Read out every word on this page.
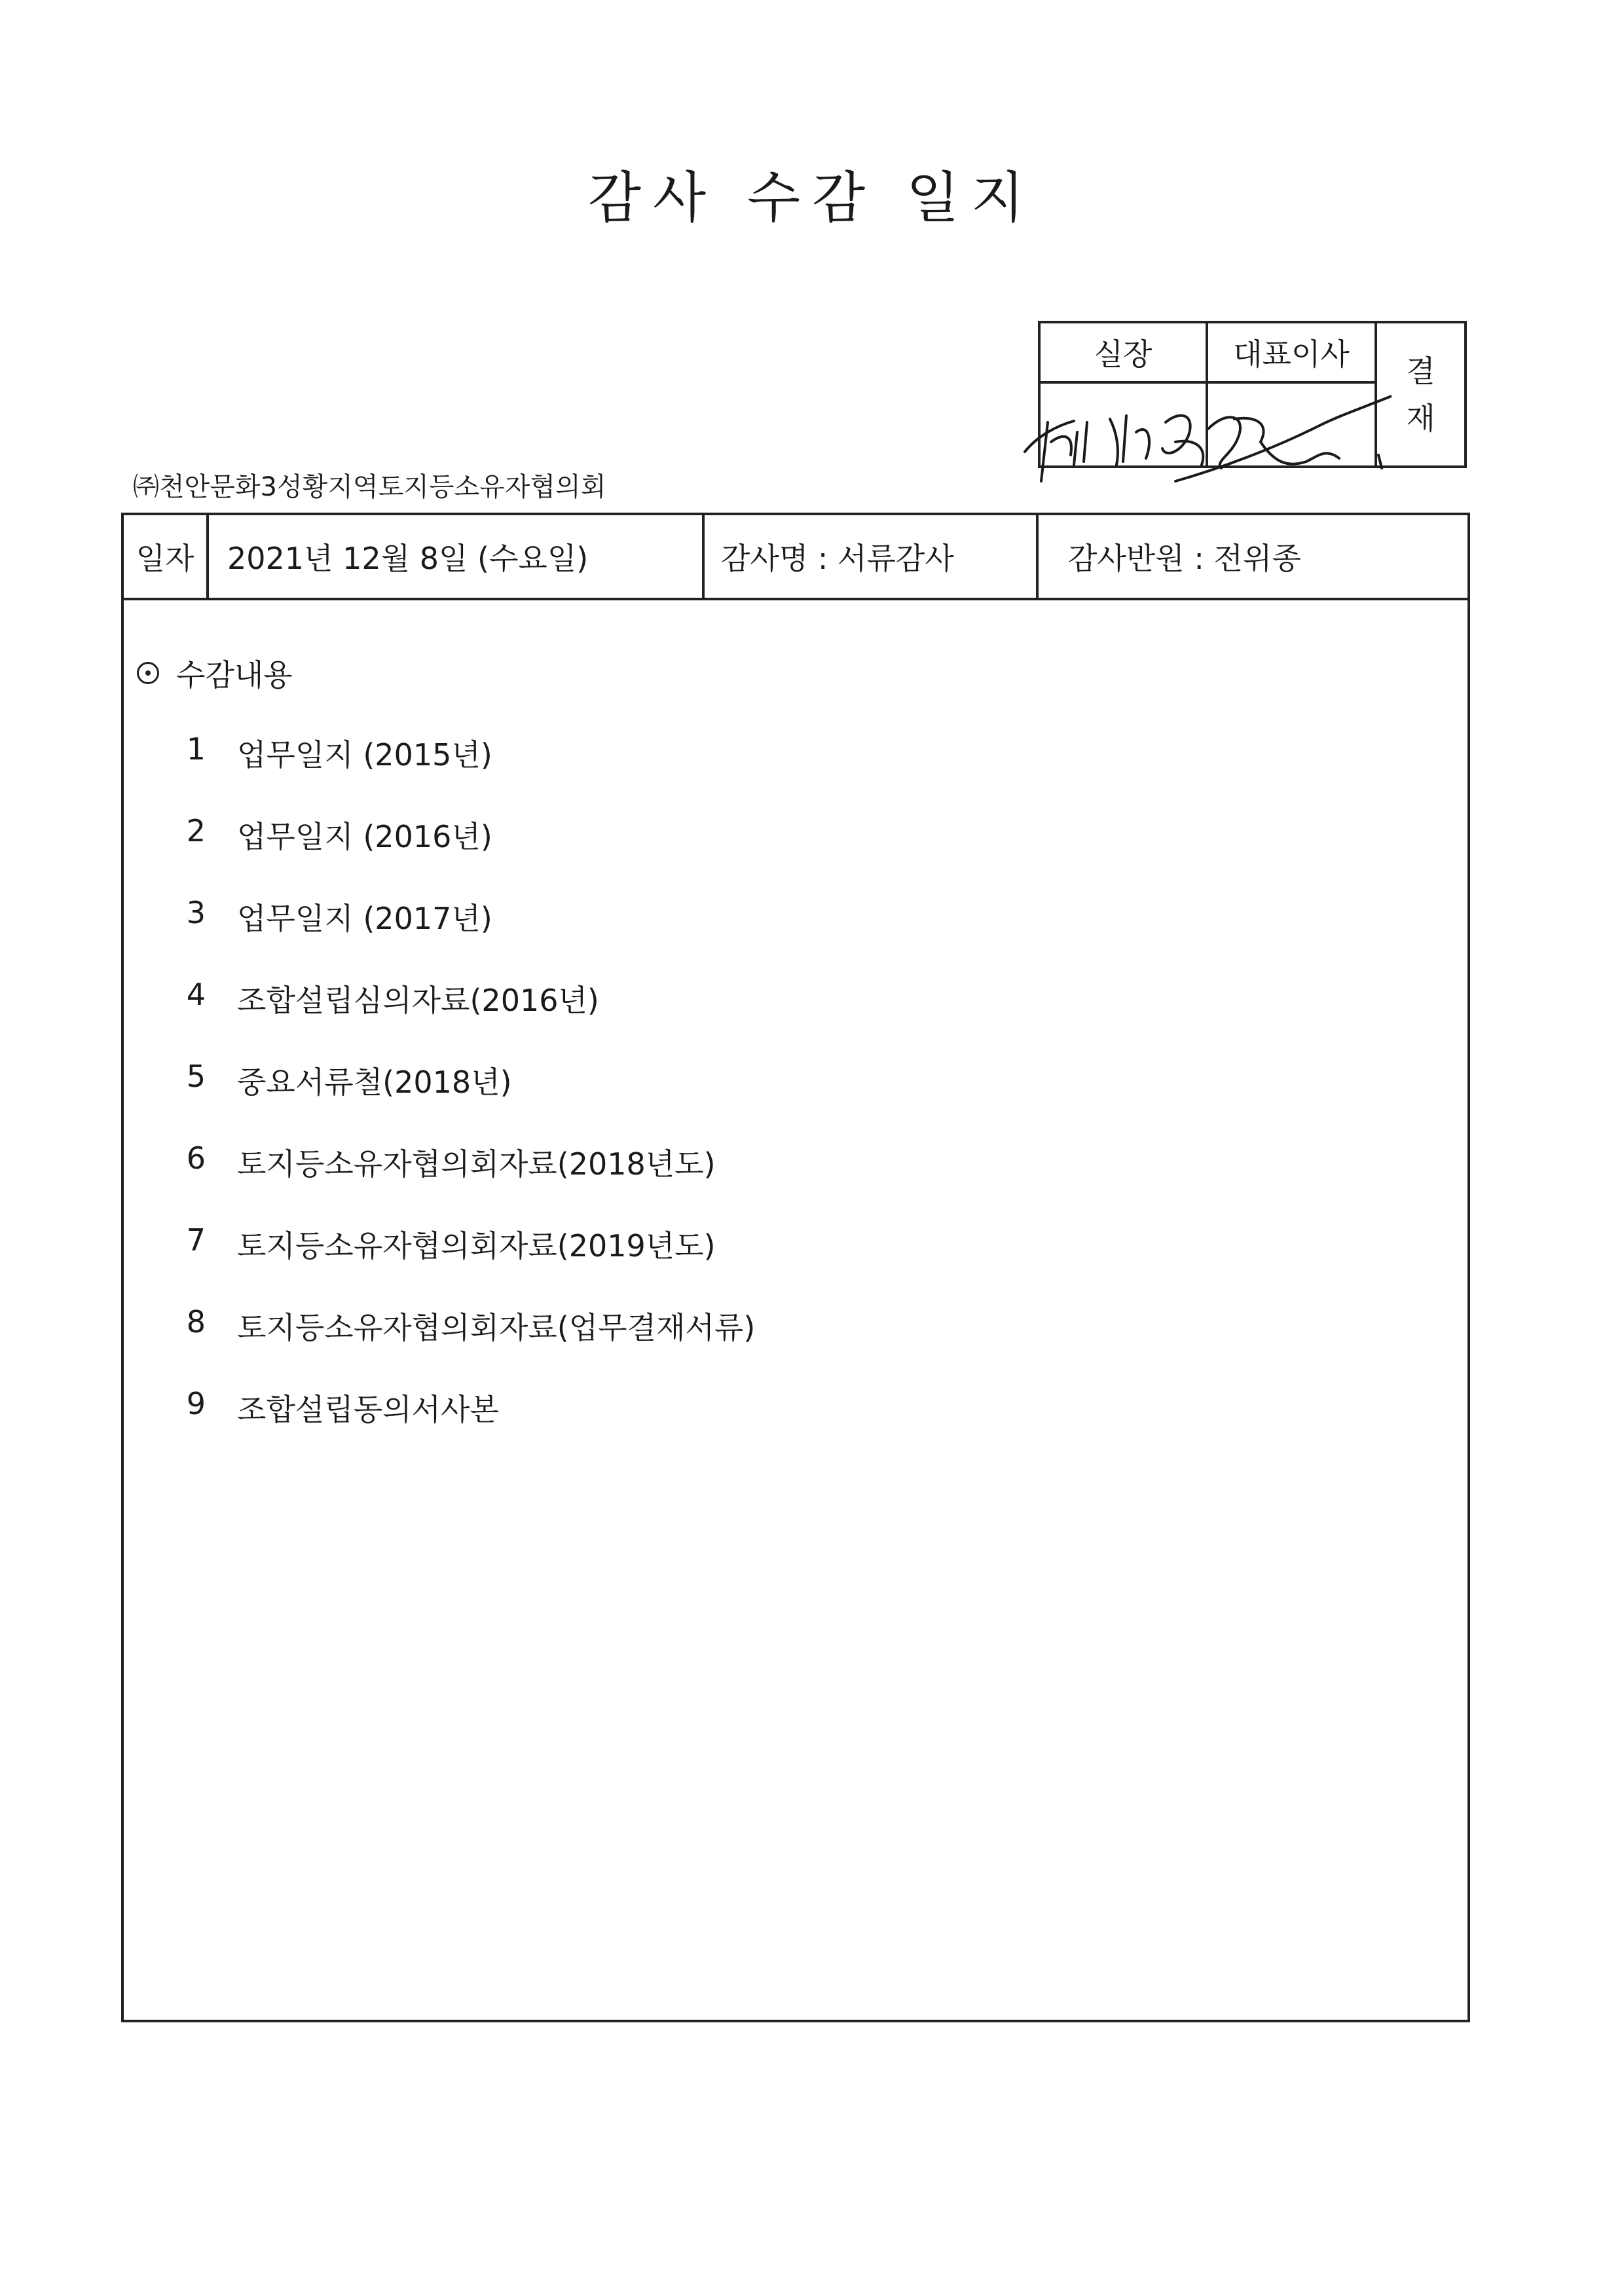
감사 수감 일지
실장	대표이사	결
재
㈜천안문화3성황지역토지등소유자협의회
일자	2021년 12월 8일 (수요일)	감사명 : 서류감사	감사반원 : 전위종
수감내용
1 업무일지 (2015년)
2 업무일지 (2016년)
3 업무일지 (2017년)
4 조합설립심의자료(2016년)
5 중요서류철(2018년)
6 토지등소유자협의회자료(2018년도)
7 토지등소유자협의회자료(2019년도)
8 토지등소유자협의회자료(업무결재서류)
9 조합설립동의서사본
